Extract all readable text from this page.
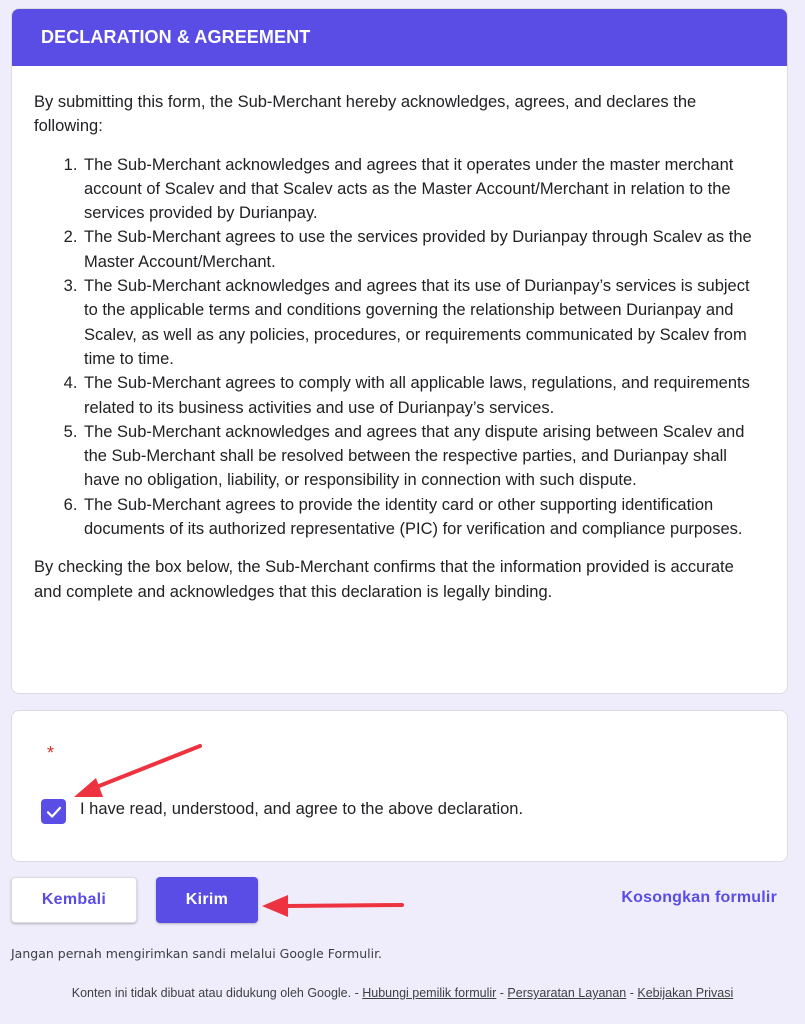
DECLARATION & AGREEMENT

By submitting this form, the Sub-Merchant hereby acknowledges, agrees, and declares the following:

1. The Sub-Merchant acknowledges and agrees that it operates under the master merchant account of Scalev and that Scalev acts as the Master Account/Merchant in relation to the services provided by Durianpay.
2. The Sub-Merchant agrees to use the services provided by Durianpay through Scalev as the Master Account/Merchant.
3. The Sub-Merchant acknowledges and agrees that its use of Durianpay’s services is subject to the applicable terms and conditions governing the relationship between Durianpay and Scalev, as well as any policies, procedures, or requirements communicated by Scalev from time to time.
4. The Sub-Merchant agrees to comply with all applicable laws, regulations, and requirements related to its business activities and use of Durianpay’s services.
5. The Sub-Merchant acknowledges and agrees that any dispute arising between Scalev and the Sub-Merchant shall be resolved between the respective parties, and Durianpay shall have no obligation, liability, or responsibility in connection with such dispute.
6. The Sub-Merchant agrees to provide the identity card or other supporting identification documents of its authorized representative (PIC) for verification and compliance purposes.

By checking the box below, the Sub-Merchant confirms that the information provided is accurate and complete and acknowledges that this declaration is legally binding.

*
I have read, understood, and agree to the above declaration.
Kembali	Kirim	Kosongkan formulir
Jangan pernah mengirimkan sandi melalui Google Formulir.
Konten ini tidak dibuat atau didukung oleh Google. - Hubungi pemilik formulir - Persyaratan Layanan - Kebijakan Privasi
